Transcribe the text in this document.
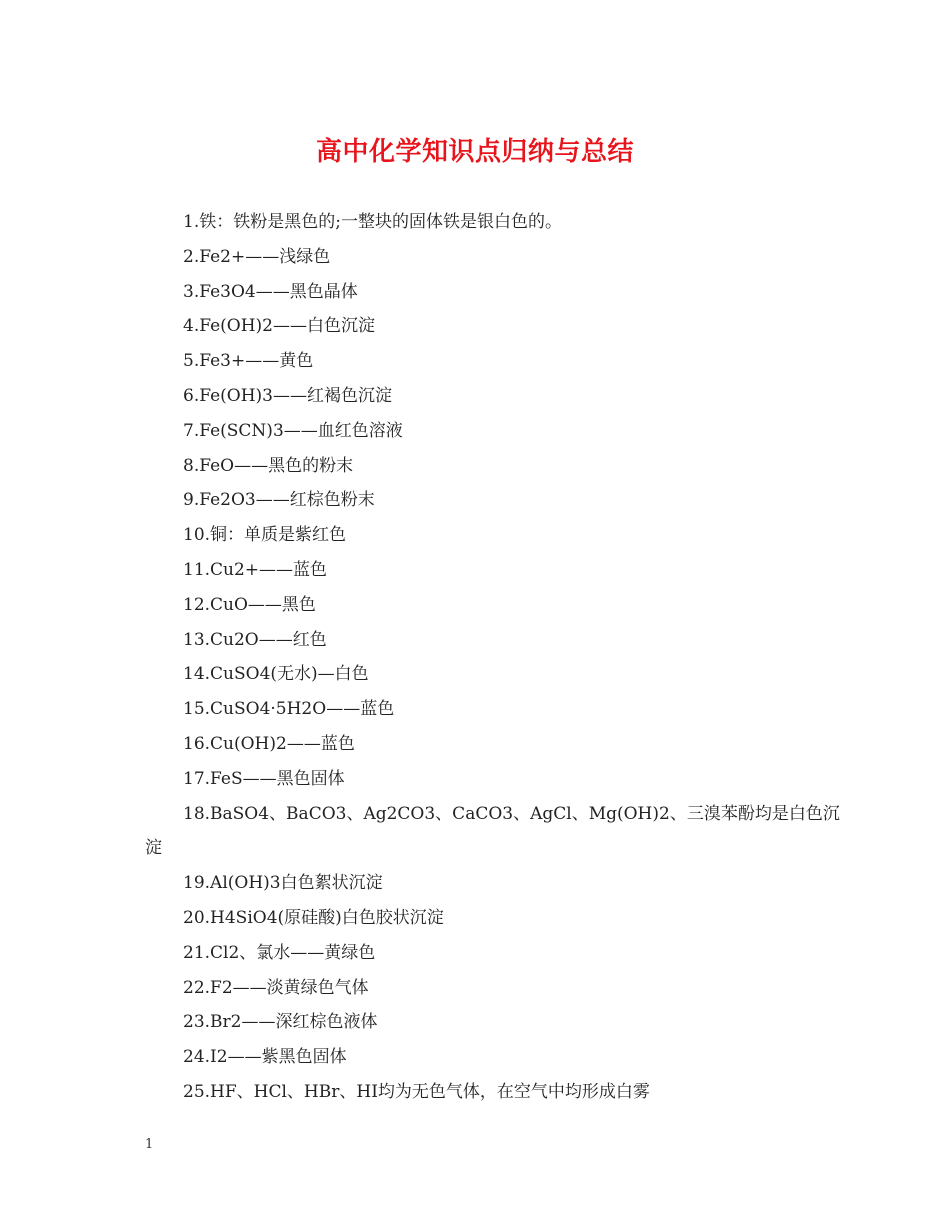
高中化学知识点归纳与总结
1.铁：铁粉是黑色的;一整块的固体铁是银白色的。
2.Fe2+——浅绿色
3.Fe3O4——黑色晶体
4.Fe(OH)2——白色沉淀
5.Fe3+——黄色
6.Fe(OH)3——红褐色沉淀
7.Fe(SCN)3——血红色溶液
8.FeO——黑色的粉末
9.Fe2O3——红棕色粉末
10.铜：单质是紫红色
11.Cu2+——蓝色
12.CuO——黑色
13.Cu2O——红色
14.CuSO4(无水)—白色
15.CuSO4·5H2O——蓝色
16.Cu(OH)2——蓝色
17.FeS——黑色固体
18.BaSO4、BaCO3、Ag2CO3、CaCO3、AgCl、Mg(OH)2、三溴苯酚均是白色沉
淀
19.Al(OH)3白色絮状沉淀
20.H4SiO4(原硅酸)白色胶状沉淀
21.Cl2、氯水——黄绿色
22.F2——淡黄绿色气体
23.Br2——深红棕色液体
24.I2——紫黑色固体
25.HF、HCl、HBr、HI均为无色气体，在空气中均形成白雾
1
